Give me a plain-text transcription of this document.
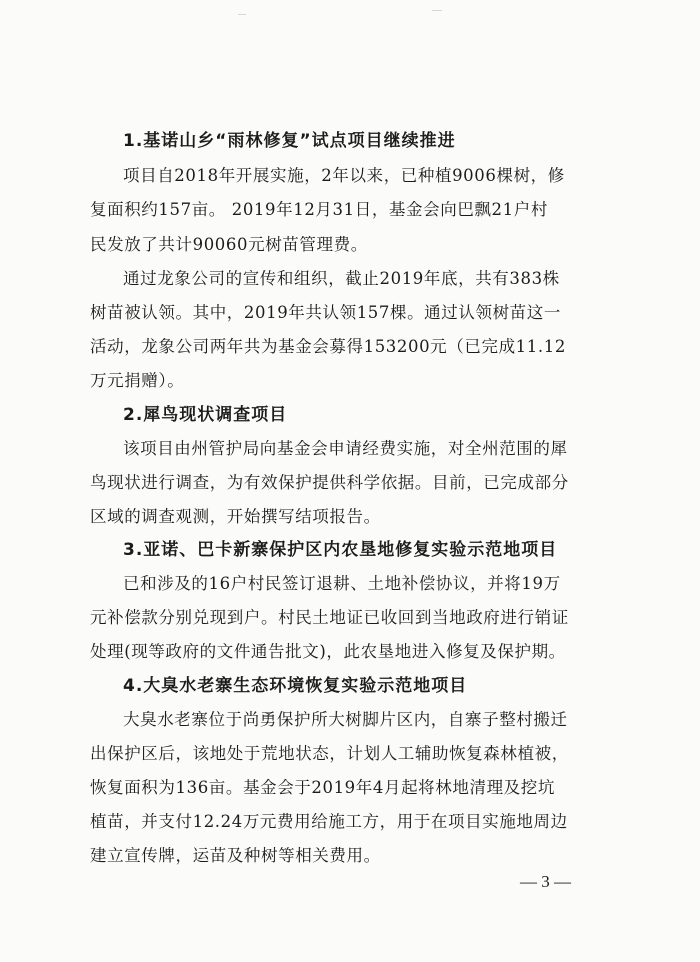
1.基诺山乡“雨林修复”试点项目继续推进
项目自2018年开展实施，2年以来，已种植9006棵树，修
复面积约157亩。 2019年12月31日，基金会向巴飘21户村
民发放了共计90060元树苗管理费。
通过龙象公司的宣传和组织，截止2019年底，共有383株
树苗被认领。其中，2019年共认领157棵。通过认领树苗这一
活动，龙象公司两年共为基金会募得153200元（已完成11.12
万元捐赠）。
2.犀鸟现状调查项目
该项目由州管护局向基金会申请经费实施，对全州范围的犀
鸟现状进行调查，为有效保护提供科学依据。目前，已完成部分
区域的调查观测，开始撰写结项报告。
3.亚诺、巴卡新寨保护区内农垦地修复实验示范地项目
已和涉及的16户村民签订退耕、土地补偿协议，并将19万
元补偿款分别兑现到户。村民土地证已收回到当地政府进行销证
处理(现等政府的文件通告批文)，此农垦地进入修复及保护期。
4.大臭水老寨生态环境恢复实验示范地项目
大臭水老寨位于尚勇保护所大树脚片区内，自寨子整村搬迁
出保护区后，该地处于荒地状态，计划人工辅助恢复森林植被，
恢复面积为136亩。基金会于2019年4月起将林地清理及挖坑
植苗，并支付12.24万元费用给施工方，用于在项目实施地周边
建立宣传牌，运苗及种树等相关费用。
— 3 —
